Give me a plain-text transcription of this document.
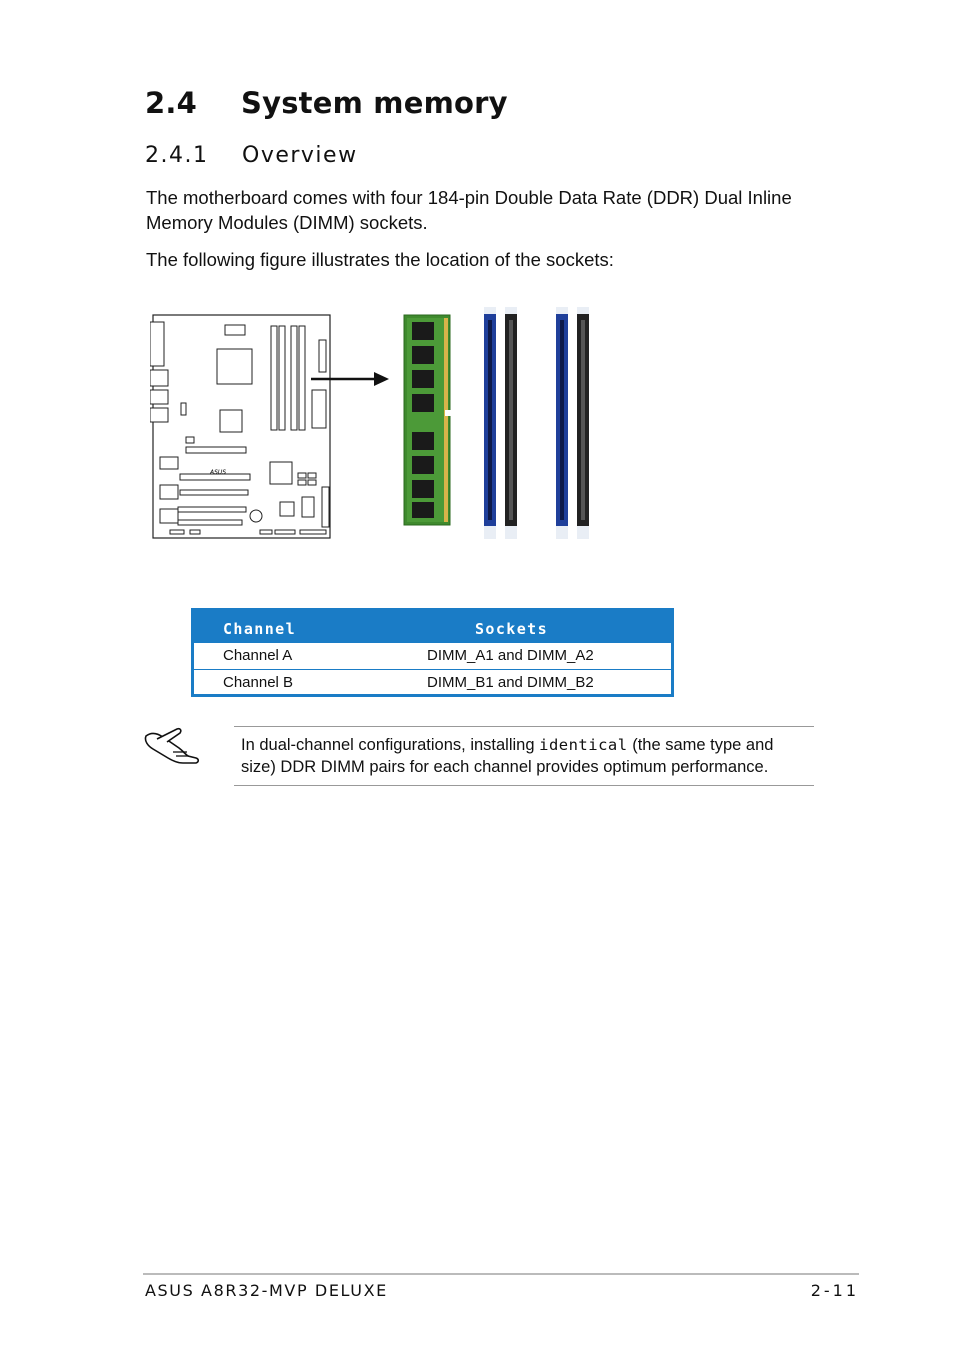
2.4 System memory
2.4.1 Overview

The motherboard comes with four 184-pin Double Data Rate (DDR) Dual Inline Memory Modules (DIMM) sockets.

The following figure illustrates the location of the sockets:

ASUS
Channel	Sockets
Channel A	DIMM_A1 and DIMM_A2
Channel B	DIMM_B1 and DIMM_B2

In dual-channel configurations, installing identical (the same type and size) DDR DIMM pairs for each channel provides optimum performance.

ASUS A8R32-MVP DELUXE	2-11
